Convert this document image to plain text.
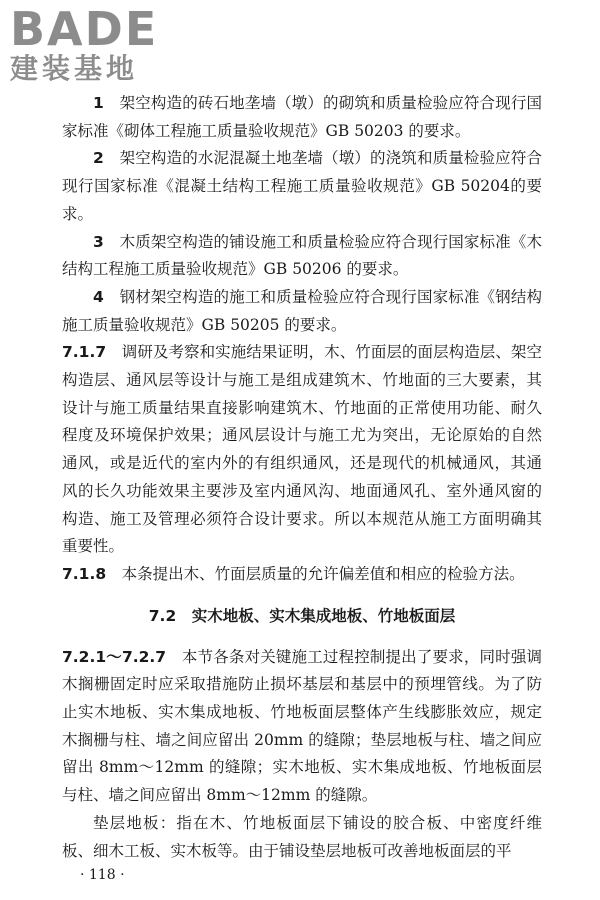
BADE
建装基地

1　 架空构造的砖石地垄墙（墩）的砌筑和质量检验应符合现行国家标准《砌体工程施工质量验收规范》GB 50203 的要求。

2　 架空构造的水泥混凝土地垄墙（墩）的浇筑和质量检验应符合现行国家标准《混凝土结构工程施工质量验收规范》GB 50204的要求。

3　 木质架空构造的铺设施工和质量检验应符合现行国家标准《木结构工程施工质量验收规范》GB 50206 的要求。

4　 钢材架空构造的施工和质量检验应符合现行国家标准《钢结构施工质量验收规范》GB 50205 的要求。

7.1.7　 调研及考察和实施结果证明，木、竹面层的面层构造层、架空构造层、通风层等设计与施工是组成建筑木、竹地面的三大要素，其设计与施工质量结果直接影响建筑木、竹地面的正常使用功能、耐久程度及环境保护效果；通风层设计与施工尤为突出，无论原始的自然通风，或是近代的室内外的有组织通风，还是现代的机械通风，其通风的长久功能效果主要涉及室内通风沟、地面通风孔、室外通风窗的构造、施工及管理必须符合设计要求。所以本规范从施工方面明确其重要性。

7.1.8　 本条提出木、竹面层质量的允许偏差值和相应的检验方法。

7.2　实木地板、实木集成地板、竹地板面层

7.2.1～7.2.7　 本节各条对关键施工过程控制提出了要求，同时强调木搁栅固定时应采取措施防止损坏基层和基层中的预埋管线。为了防止实木地板、实木集成地板、竹地板面层整体产生线膨胀效应，规定木搁栅与柱、墙之间应留出 20mm 的缝隙；垫层地板与柱、墙之间应留出 8mm～12mm 的缝隙；实木地板、实木集成地板、竹地板面层与柱、墙之间应留出 8mm～12mm 的缝隙。

垫层地板：指在木、竹地板面层下铺设的胶合板、中密度纤维板、细木工板、实木板等。由于铺设垫层地板可改善地板面层的平

· 118 ·
